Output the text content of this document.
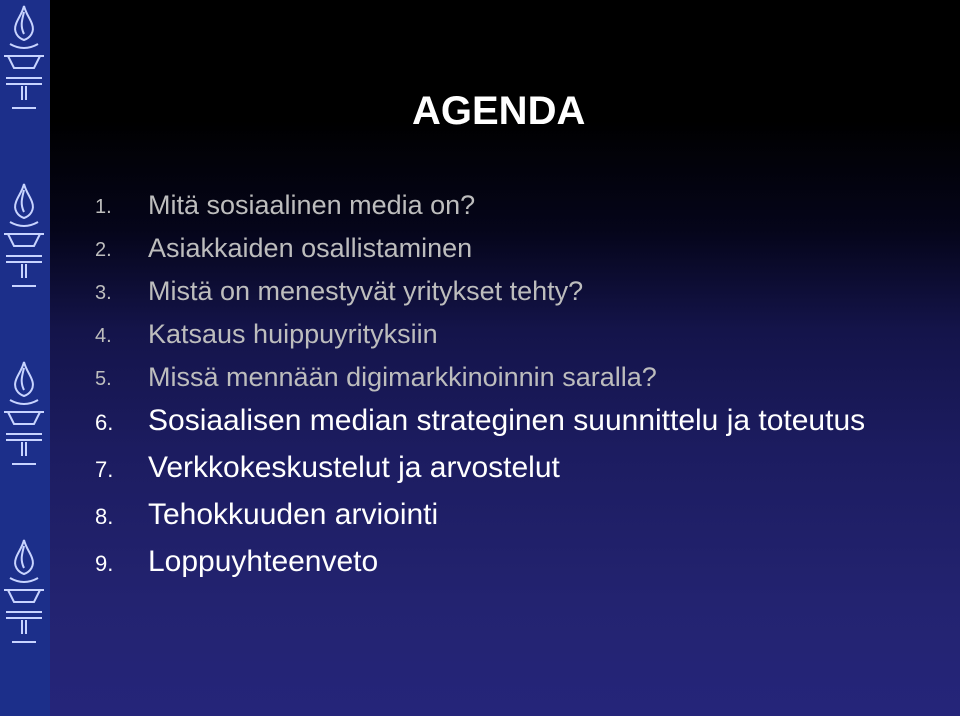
AGENDA
1.	Mitä sosiaalinen media on?
2.	Asiakkaiden osallistaminen
3.	Mistä on menestyvät yritykset tehty?
4.	Katsaus huippuyrityksiin
5.	Missä mennään digimarkkinoinnin saralla?
6.	Sosiaalisen median strateginen suunnittelu ja toteutus
7.	Verkkokeskustelut ja arvostelut
8.	Tehokkuuden arviointi
9.	Loppuyhteenveto
